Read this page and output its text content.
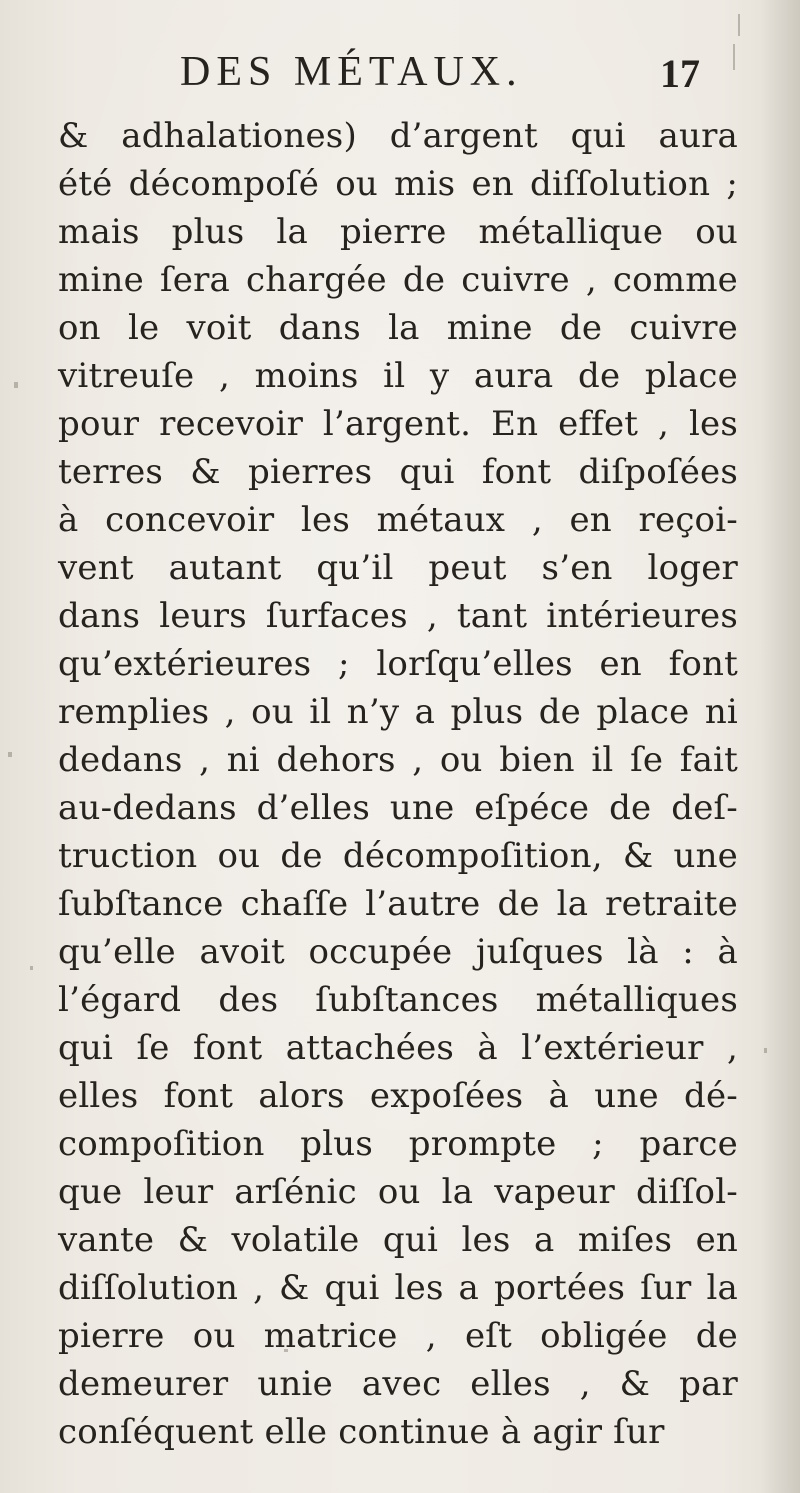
DES MÉTAUX.	17
& adhalationes) d’argent qui aura
été décompoſé ou mis en diſſolution ;
mais plus la pierre métallique ou
mine ſera chargée de cuivre , comme
on le voit dans la mine de cuivre
vitreuſe , moins il y aura de place
pour recevoir l’argent. En effet , les
terres & pierres qui font diſpoſées
à concevoir les métaux , en reçoi-
vent autant qu’il peut s’en loger
dans leurs ſurfaces , tant intérieures
qu’extérieures ; lorſqu’elles en font
remplies , ou il n’y a plus de place ni
dedans , ni dehors , ou bien il ſe fait
au-dedans d’elles une eſpéce de deſ-
truction ou de décompoſition, & une
ſubſtance chaſſe l’autre de la retraite
qu’elle avoit occupée juſques là : à
l’égard des ſubſtances métalliques
qui ſe font attachées à l’extérieur ,
elles font alors expoſées à une dé-
compoſition plus prompte ; parce
que leur arſénic ou la vapeur diſſol-
vante & volatile qui les a miſes en
diſſolution , & qui les a portées ſur la
pierre ou matrice , eſt obligée de
demeurer unie avec elles , & par
conſéquent elle continue à agir ſur
